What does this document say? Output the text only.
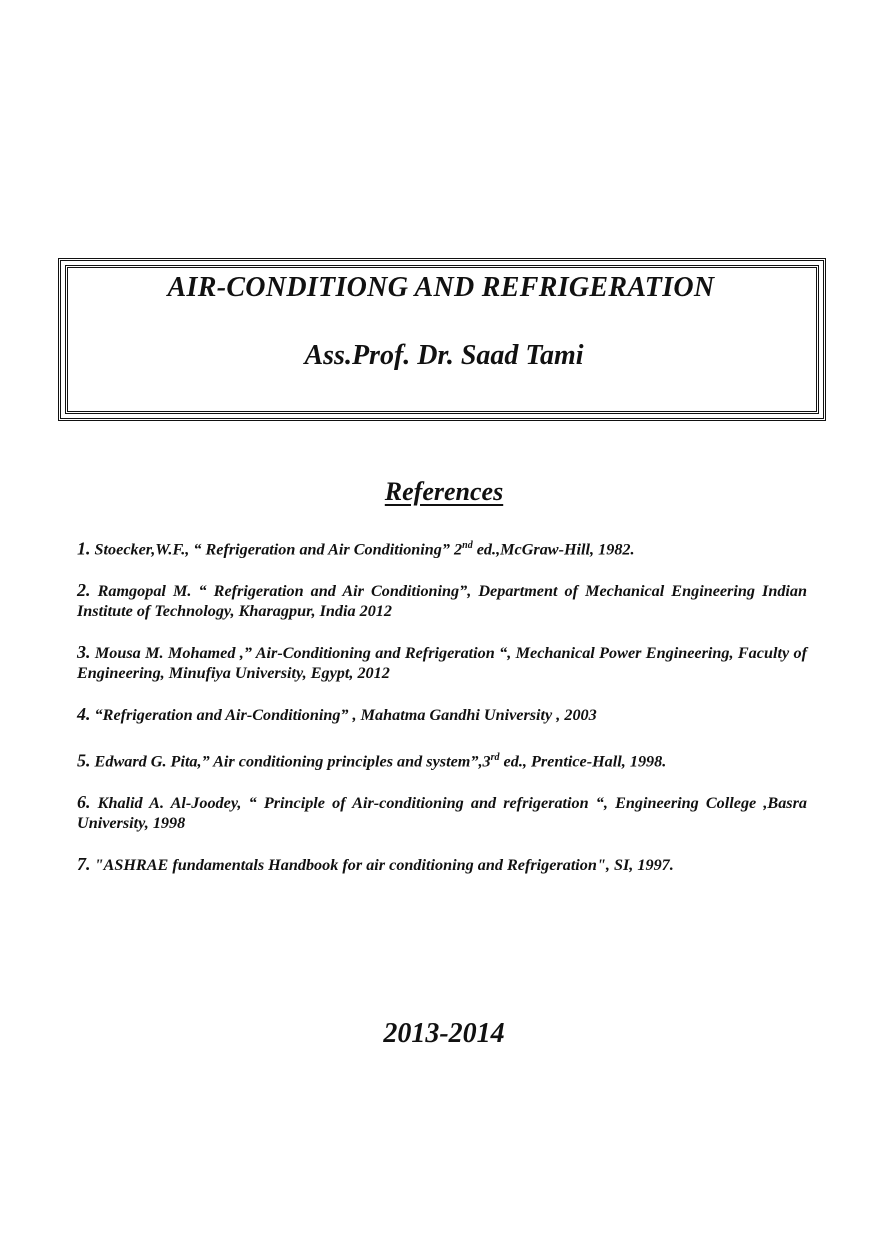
AIR-CONDITIONG AND REFRIGERATION
Ass.Prof. Dr. Saad Tami
References
1. Stoecker,W.F., “ Refrigeration and Air Conditioning” 2nd ed.,McGraw-Hill, 1982.
2. Ramgopal M. “ Refrigeration and Air Conditioning”, Department of Mechanical Engineering Indian Institute of Technology, Kharagpur, India 2012
3. Mousa M. Mohamed ,” Air-Conditioning and Refrigeration “, Mechanical Power Engineering, Faculty of Engineering, Minufiya University, Egypt, 2012
4. “Refrigeration and Air-Conditioning” , Mahatma Gandhi University , 2003
5. Edward G. Pita,” Air conditioning principles and system”,3rd ed., Prentice-Hall, 1998.
6. Khalid A. Al-Joodey, “ Principle of Air-conditioning and refrigeration “, Engineering College ,Basra University, 1998
7. "ASHRAE fundamentals Handbook for air conditioning and Refrigeration", SI, 1997.
2013-2014
